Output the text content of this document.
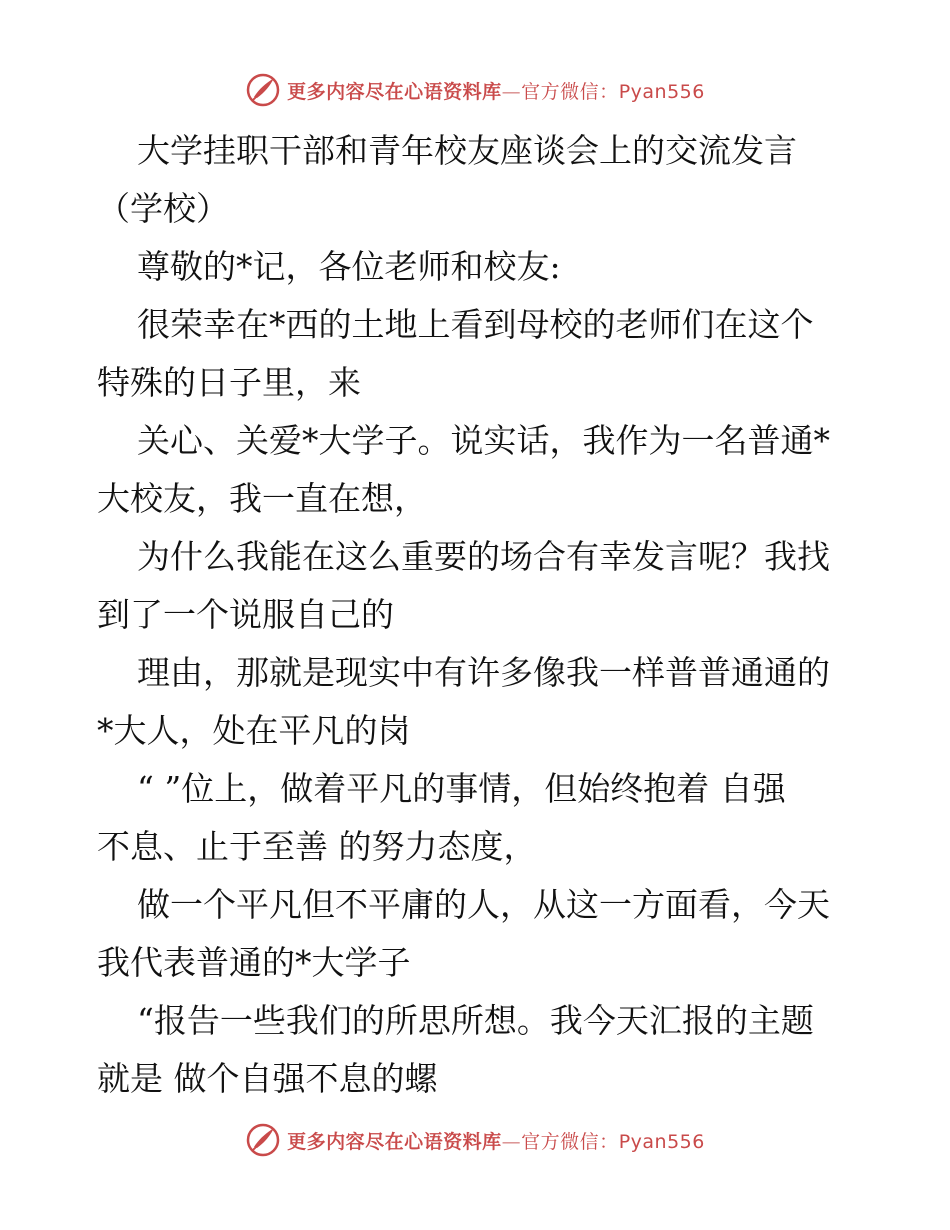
更多内容尽在心语资料库—官方微信：Pyan556

大学挂职干部和青年校友座谈会上的交流发言

（学校）

尊敬的*记，各位老师和校友:

很荣幸在*西的土地上看到母校的老师们在这个

特殊的日子里，来

关心、关爱*大学子。说实话，我作为一名普通*

大校友，我一直在想，

为什么我能在这么重要的场合有幸发言呢？我找

到了一个说服自己的

理由，那就是现实中有许多像我一样普普通通的

*大人，处在平凡的岗

“ ”位上，做着平凡的事情，但始终抱着 自强

不息、止于至善 的努力态度，

做一个平凡但不平庸的人，从这一方面看，今天

我代表普通的*大学子

“报告一些我们的所思所想。我今天汇报的主题

就是 做个自强不息的螺

更多内容尽在心语资料库—官方微信：Pyan556
